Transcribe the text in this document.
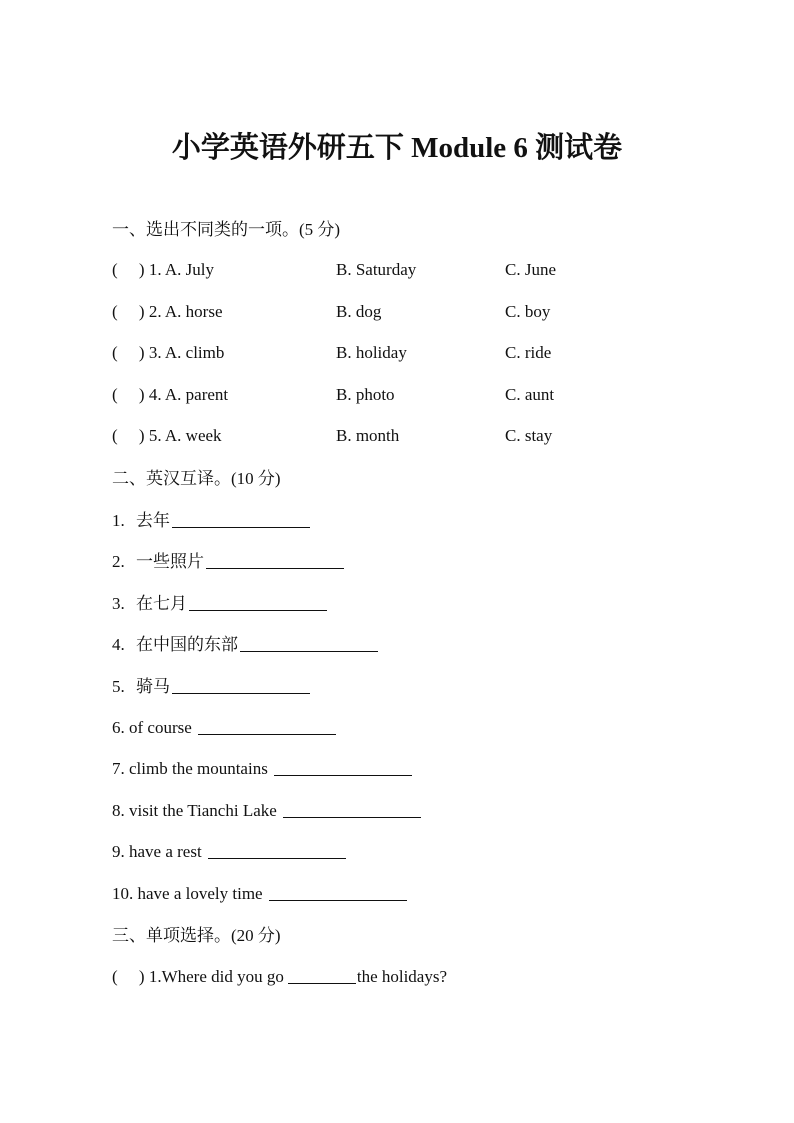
小学英语外研五下 Module 6 测试卷
一、选出不同类的一项。(5 分)
(　 ) 1. A. July	B. Saturday	C. June
(　 ) 2. A. horse	B. dog	C. boy
(　 ) 3. A. climb	B. holiday	C. ride
(　 ) 4. A. parent	B. photo	C. aunt
(　 ) 5. A. week	B. month	C. stay
二、英汉互译。(10 分)
1. 去年
2. 一些照片
3. 在七月
4. 在中国的东部
5. 骑马
6. of course
7. climb the mountains
8. visit the Tianchi Lake
9. have a rest
10. have a lovely time
三、单项选择。(20 分)
(　 ) 1.Where did you go	the holidays?
